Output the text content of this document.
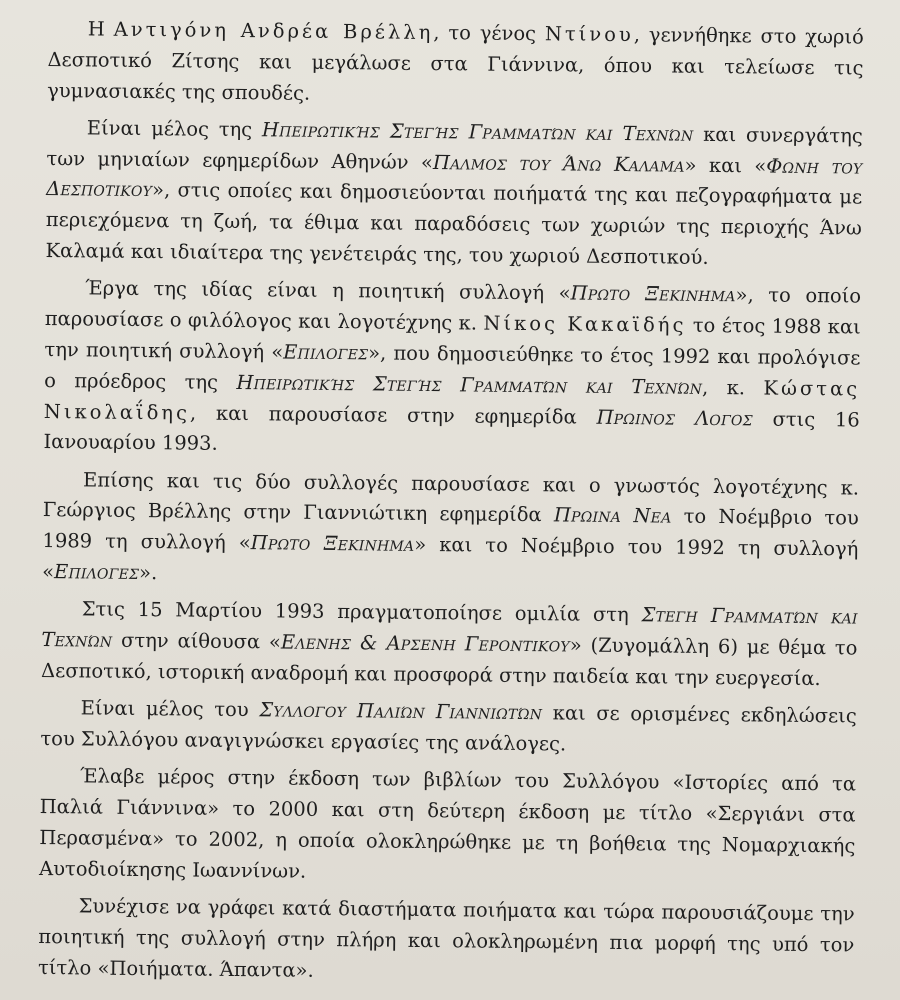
Η Αντιγόνη Ανδρέα Βρέλλη, το γένος Ντίνου, γεννήθηκε στο χωριό Δεσποτικό Ζίτσης και μεγάλωσε στα Γιάννινα, όπου και τελείωσε τις γυμνασιακές της σπουδές.

Είναι μέλος της Ηπειρωτικής Στεγής Γραμματών και Τεχνών και συνεργάτης των μηνιαίων εφημερίδων Αθηνών «Παλμος του Άνω Καλαμα» και «Φωνη του Δεσποτικου», στις οποίες και δημοσιεύονται ποιήματά της και πεζογραφήματα με περιεχόμενα τη ζωή, τα έθιμα και παραδόσεις των χωριών της περιοχής Άνω Καλαμά και ιδιαίτερα της γενέτειράς της, του χωριού Δεσποτικού.

Έργα της ιδίας είναι η ποιητική συλλογή «Πρωτο Ξεκινημα», το οποίο παρουσίασε ο φιλόλογος και λογοτέχνης κ. Νίκος Κακαϊδής το έτος 1988 και την ποιητική συλλογή «Επιλογες», που δημοσιεύθηκε το έτος 1992 και προλόγισε ο πρόεδρος της Ηπειρωτικής Στεγής Γραμματών και Τεχνών, κ. Κώστας Νικολαΐδης, και παρουσίασε στην εφημερίδα Πρωινος Λογος στις 16 Ιανουαρίου 1993.

Επίσης και τις δύο συλλογές παρουσίασε και ο γνωστός λογοτέχνης κ. Γεώργιος Βρέλλης στην Γιαννιώτικη εφημερίδα Πρωινα Νεα το Νοέμβριο του 1989 τη συλλογή «Πρωτο Ξεκινημα» και το Νοέμβριο του 1992 τη συλλογή «Επιλογες».

Στις 15 Μαρτίου 1993 πραγματοποίησε ομιλία στη Στεγη Γραμματών και Τεχνών στην αίθουσα «Ελενης & Αρσενη Γεροντικου» (Ζυγομάλλη 6) με θέμα το Δεσποτικό, ιστορική αναδρομή και προσφορά στην παιδεία και την ευεργεσία.

Είναι μέλος του Συλλογου Παλιών Γιαννιωτών και σε ορισμένες εκδηλώσεις του Συλλόγου αναγιγνώσκει εργασίες της ανάλογες.

Έλαβε μέρος στην έκδοση των βιβλίων του Συλλόγου «Ιστορίες από τα Παλιά Γιάννινα» το 2000 και στη δεύτερη έκδοση με τίτλο «Σεργιάνι στα Περασμένα» το 2002, η οποία ολοκληρώθηκε με τη βοήθεια της Νομαρχιακής Αυτοδιοίκησης Ιωαννίνων.

Συνέχισε να γράφει κατά διαστήματα ποιήματα και τώρα παρουσιάζουμε την ποιητική της συλλογή στην πλήρη και ολοκληρωμένη πια μορφή της υπό τον τίτλο «Ποιήματα. Άπαντα».
